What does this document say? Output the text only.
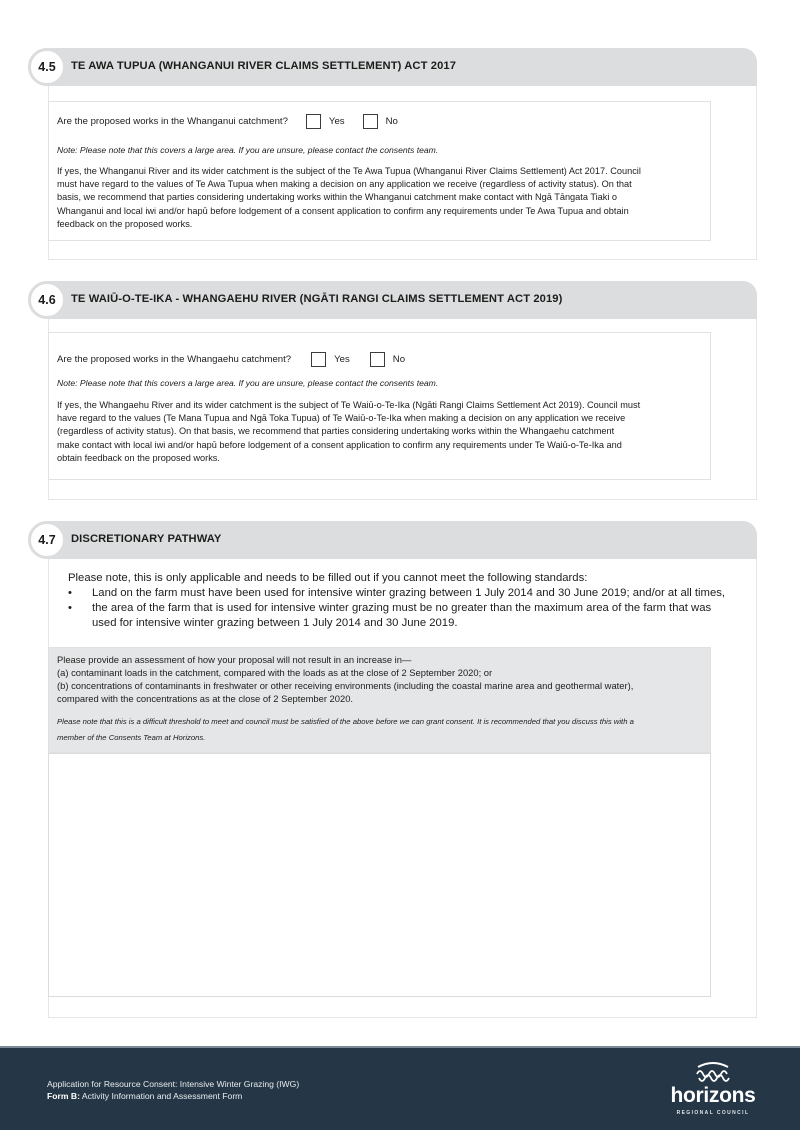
4.5	TE AWA TUPUA (WHANGANUI RIVER CLAIMS SETTLEMENT) ACT 2017
Are the proposed works in the Whanganui catchment?	Yes	No
Note: Please note that this covers a large area. If you are unsure, please contact the consents team.
If yes, the Whanganui River and its wider catchment is the subject of the Te Awa Tupua (Whanganui River Claims Settlement) Act 2017. Council
must have regard to the values of Te Awa Tupua when making a decision on any application we receive (regardless of activity status). On that
basis, we recommend that parties considering undertaking works within the Whanganui catchment make contact with Ngā Tāngata Tiaki o
Whanganui and local iwi and/or hapū before lodgement of a consent application to confirm any requirements under Te Awa Tupua and obtain
feedback on the proposed works.
4.6	TE WAIŪ-O-TE-IKA - WHANGAEHU RIVER (NGĀTI RANGI CLAIMS SETTLEMENT ACT 2019)
Are the proposed works in the Whangaehu catchment?	Yes	No
Note: Please note that this covers a large area. If you are unsure, please contact the consents team.
If yes, the Whangaehu River and its wider catchment is the subject of Te Waiū-o-Te-Ika (Ngāti Rangi Claims Settlement Act 2019). Council must
have regard to the values (Te Mana Tupua and Ngā Toka Tupua) of Te Waiū-o-Te-Ika when making a decision on any application we receive
(regardless of activity status). On that basis, we recommend that parties considering undertaking works within the Whangaehu catchment
make contact with local iwi and/or hapū before lodgement of a consent application to confirm any requirements under Te Waiū-o-Te-Ika and
obtain feedback on the proposed works.
4.7	DISCRETIONARY PATHWAY
Please note, this is only applicable and needs to be filled out if you cannot meet the following standards:
• Land on the farm must have been used for intensive winter grazing between 1 July 2014 and 30 June 2019; and/or at all times,
• the area of the farm that is used for intensive winter grazing must be no greater than the maximum area of the farm that was
used for intensive winter grazing between 1 July 2014 and 30 June 2019.
Please provide an assessment of how your proposal will not result in an increase in—
(a) contaminant loads in the catchment, compared with the loads as at the close of 2 September 2020; or
(b) concentrations of contaminants in freshwater or other receiving environments (including the coastal marine area and geothermal water),
compared with the concentrations as at the close of 2 September 2020.
Please note that this is a difficult threshold to meet and council must be satisfied of the above before we can grant consent. It is recommended that you discuss this with a
member of the Consents Team at Horizons.
Application for Resource Consent: Intensive Winter Grazing (IWG)
Form B: Activity Information and Assessment Form	horizons
REGIONAL COUNCIL
